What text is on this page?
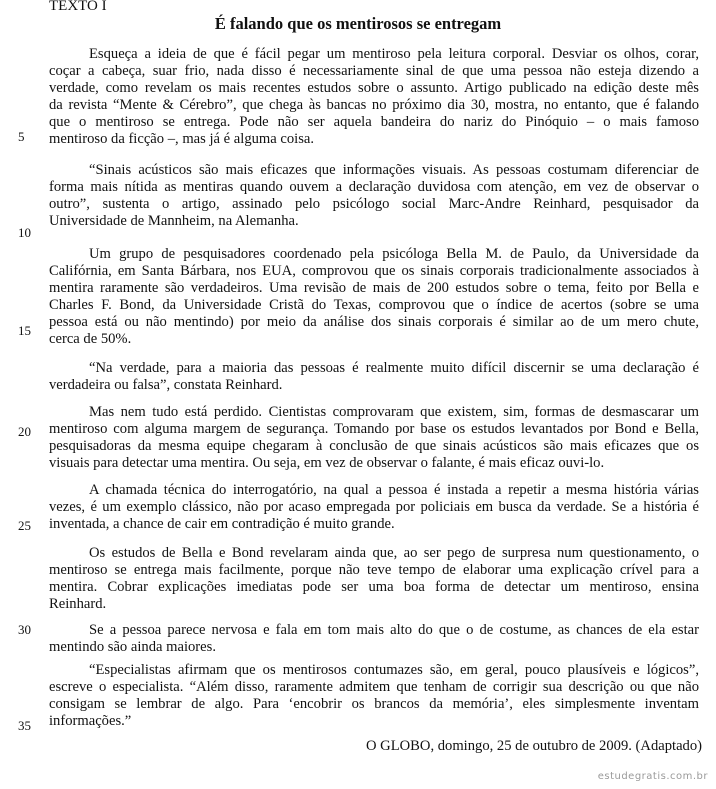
TEXTO I
É falando que os mentirosos se entregam
Esqueça a ideia de que é fácil pegar um mentiroso pela leitura corporal. Desviar os olhos, corar,
coçar a cabeça, suar frio, nada disso é necessariamente sinal de que uma pessoa não esteja dizendo a
verdade, como revelam os mais recentes estudos sobre o assunto. Artigo publicado na edição deste mês
da revista “Mente & Cérebro”, que chega às bancas no próximo dia 30, mostra, no entanto, que é falando
que o mentiroso se entrega. Pode não ser aquela bandeira do nariz do Pinóquio – o mais famoso
mentiroso da ficção –, mas já é alguma coisa.
“Sinais acústicos são mais eficazes que informações visuais. As pessoas costumam diferenciar de
forma mais nítida as mentiras quando ouvem a declaração duvidosa com atenção, em vez de observar o
outro”, sustenta o artigo, assinado pelo psicólogo social Marc-Andre Reinhard, pesquisador da
Universidade de Mannheim, na Alemanha.
Um grupo de pesquisadores coordenado pela psicóloga Bella M. de Paulo, da Universidade da
Califórnia, em Santa Bárbara, nos EUA, comprovou que os sinais corporais tradicionalmente associados à
mentira raramente são verdadeiros. Uma revisão de mais de 200 estudos sobre o tema, feito por Bella e
Charles F. Bond, da Universidade Cristã do Texas, comprovou que o índice de acertos (sobre se uma
pessoa está ou não mentindo) por meio da análise dos sinais corporais é similar ao de um mero chute,
cerca de 50%.
“Na verdade, para a maioria das pessoas é realmente muito difícil discernir se uma declaração é
verdadeira ou falsa”, constata Reinhard.
Mas nem tudo está perdido. Cientistas comprovaram que existem, sim, formas de desmascarar um
mentiroso com alguma margem de segurança. Tomando por base os estudos levantados por Bond e Bella,
pesquisadoras da mesma equipe chegaram à conclusão de que sinais acústicos são mais eficazes que os
visuais para detectar uma mentira. Ou seja, em vez de observar o falante, é mais eficaz ouvi-lo.
A chamada técnica do interrogatório, na qual a pessoa é instada a repetir a mesma história várias
vezes, é um exemplo clássico, não por acaso empregada por policiais em busca da verdade. Se a história é
inventada, a chance de cair em contradição é muito grande.
Os estudos de Bella e Bond revelaram ainda que, ao ser pego de surpresa num questionamento, o
mentiroso se entrega mais facilmente, porque não teve tempo de elaborar uma explicação crível para a
mentira. Cobrar explicações imediatas pode ser uma boa forma de detectar um mentiroso, ensina
Reinhard.
Se a pessoa parece nervosa e fala em tom mais alto do que o de costume, as chances de ela estar
mentindo são ainda maiores.
“Especialistas afirmam que os mentirosos contumazes são, em geral, pouco plausíveis e lógicos”,
escreve o especialista. “Além disso, raramente admitem que tenham de corrigir sua descrição ou que não
consigam se lembrar de algo. Para ‘encobrir os brancos da memória’, eles simplesmente inventam
informações.”
5
10
15
20
25
30
35
O GLOBO, domingo, 25 de outubro de 2009. (Adaptado)
estudegratis.com.br
